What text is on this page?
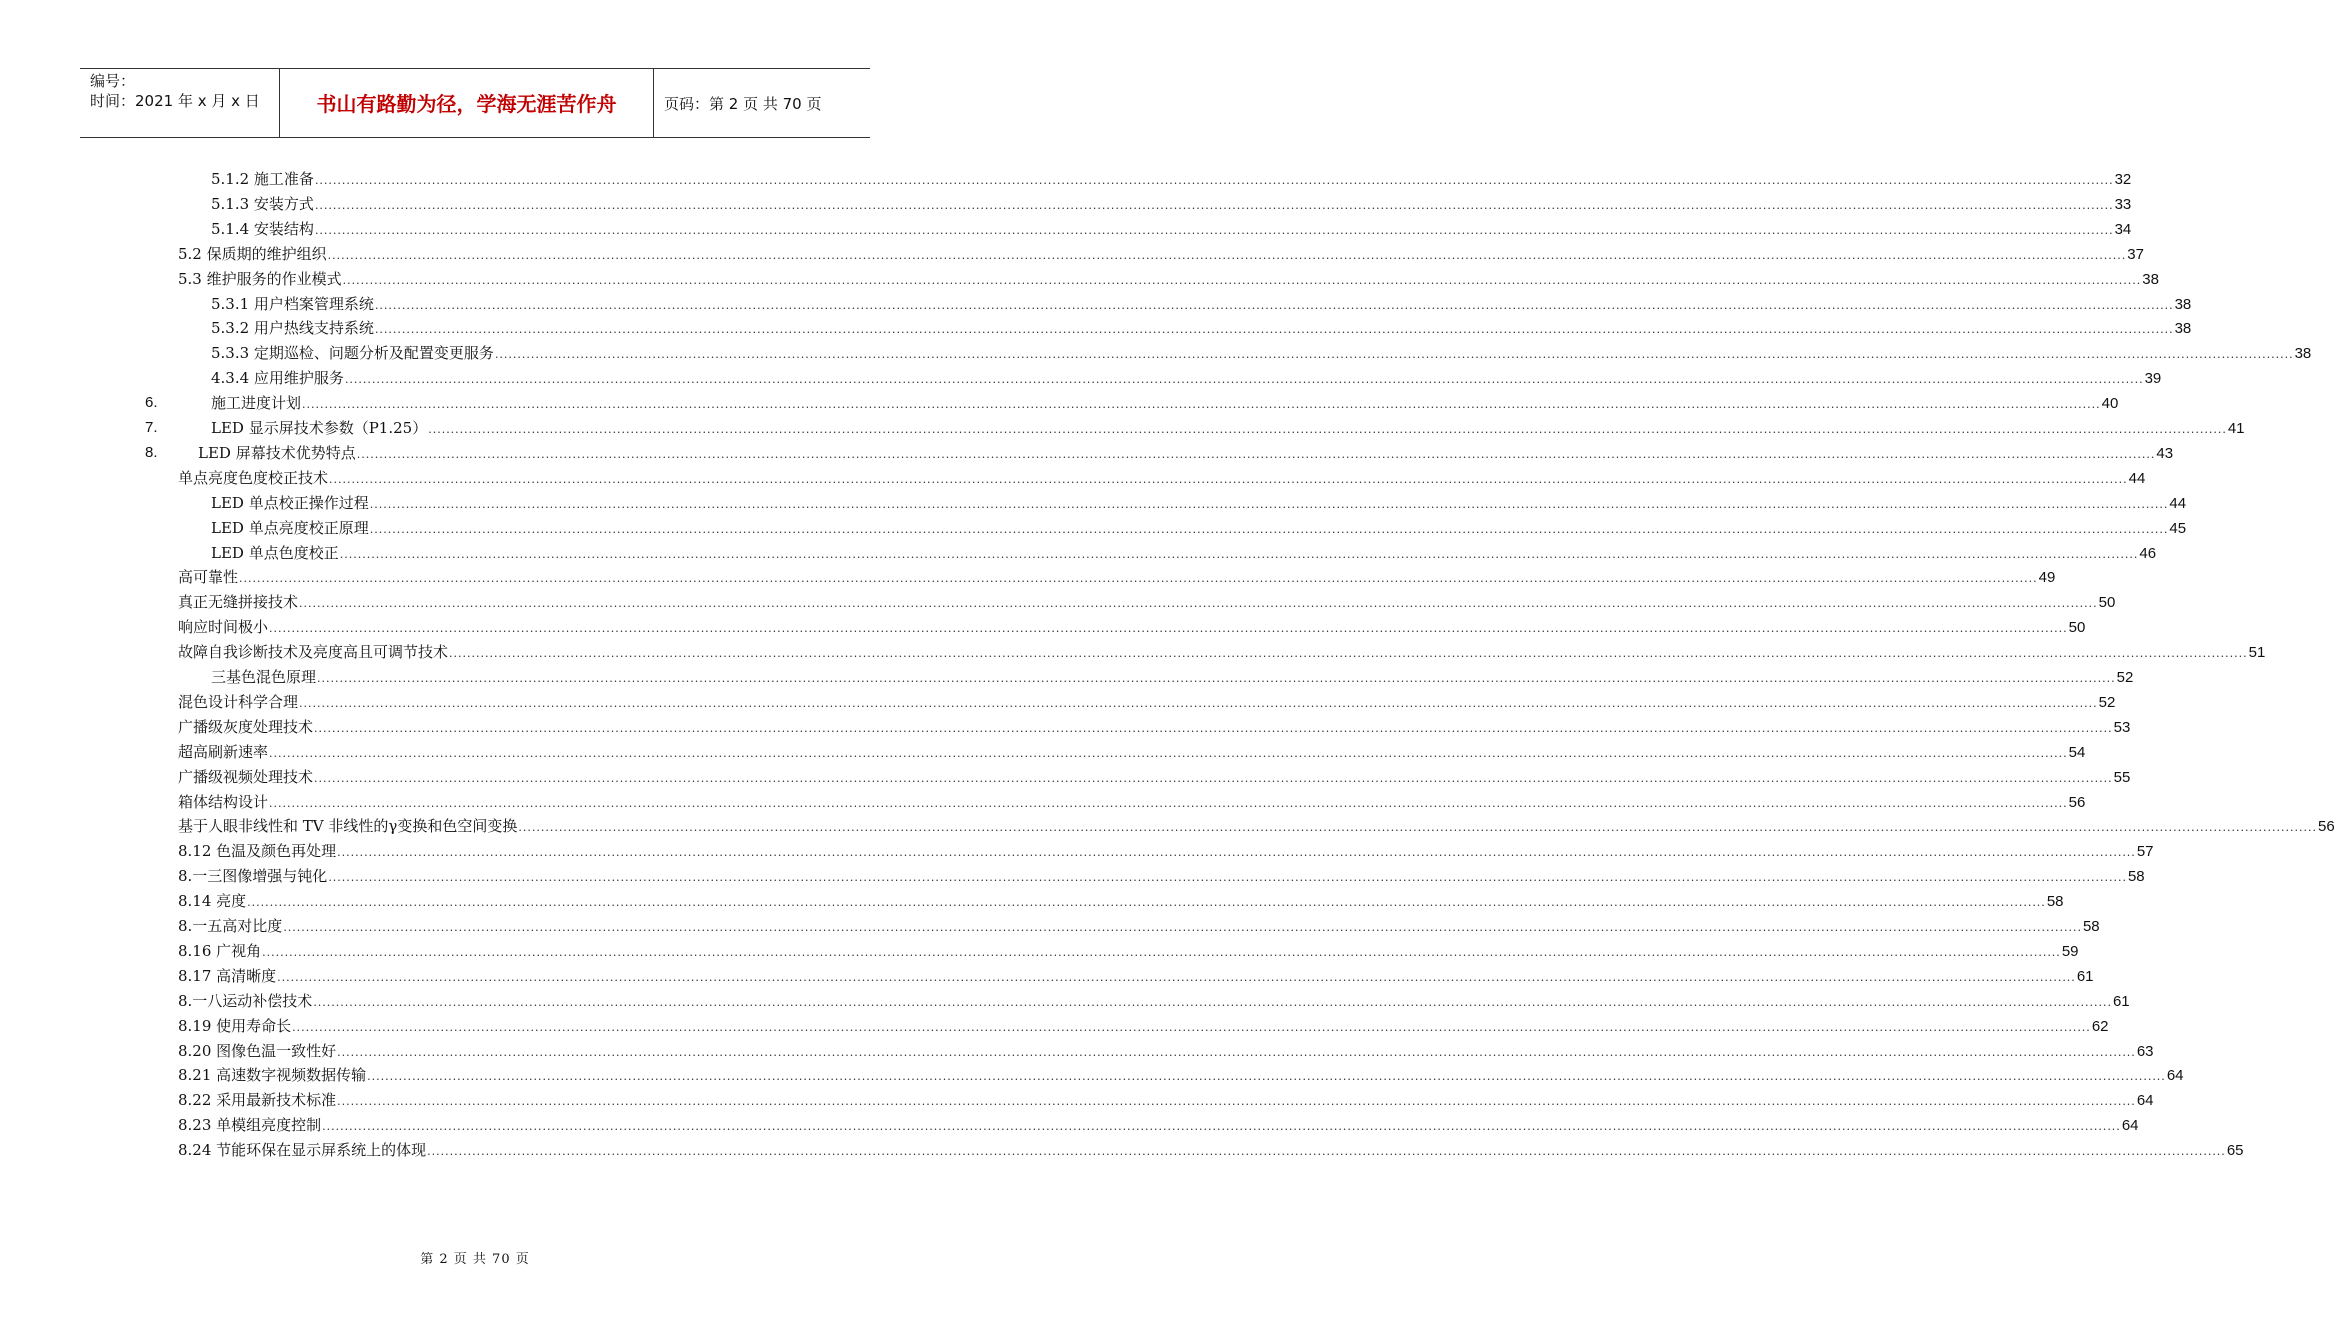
编号：
时间：2021 年 x 月 x 日	书山有路勤为径，学海无涯苦作舟	页码：第 2 页 共 70 页
5.1.2 施工准备 ................................................................................................................................................................................................................................................................................................................................................................................................................ 32
5.1.3 安装方式 ................................................................................................................................................................................................................................................................................................................................................................................................................ 33
5.1.4 安装结构 ................................................................................................................................................................................................................................................................................................................................................................................................................ 34
5.2 保质期的维护组织 ................................................................................................................................................................................................................................................................................................................................................................................................................ 37
5.3 维护服务的作业模式 ................................................................................................................................................................................................................................................................................................................................................................................................................ 38
5.3.1 用户档案管理系统 ................................................................................................................................................................................................................................................................................................................................................................................................................ 38
5.3.2 用户热线支持系统 ................................................................................................................................................................................................................................................................................................................................................................................................................ 38
5.3.3 定期巡检、问题分析及配置变更服务 ................................................................................................................................................................................................................................................................................................................................................................................................................ 38
4.3.4 应用维护服务 ................................................................................................................................................................................................................................................................................................................................................................................................................ 39
6.	施工进度计划 ................................................................................................................................................................................................................................................................................................................................................................................................................ 40
7.	LED 显示屏技术参数（P1.25） ................................................................................................................................................................................................................................................................................................................................................................................................................ 41
8.	LED 屏幕技术优势特点 ................................................................................................................................................................................................................................................................................................................................................................................................................ 43
单点亮度色度校正技术 ................................................................................................................................................................................................................................................................................................................................................................................................................ 44
LED 单点校正操作过程 ................................................................................................................................................................................................................................................................................................................................................................................................................ 44
LED 单点亮度校正原理 ................................................................................................................................................................................................................................................................................................................................................................................................................ 45
LED 单点色度校正 ................................................................................................................................................................................................................................................................................................................................................................................................................ 46
高可靠性 ................................................................................................................................................................................................................................................................................................................................................................................................................ 49
真正无缝拼接技术 ................................................................................................................................................................................................................................................................................................................................................................................................................ 50
响应时间极小 ................................................................................................................................................................................................................................................................................................................................................................................................................ 50
故障自我诊断技术及亮度高且可调节技术 ................................................................................................................................................................................................................................................................................................................................................................................................................ 51
三基色混色原理 ................................................................................................................................................................................................................................................................................................................................................................................................................ 52
混色设计科学合理 ................................................................................................................................................................................................................................................................................................................................................................................................................ 52
广播级灰度处理技术 ................................................................................................................................................................................................................................................................................................................................................................................................................ 53
超高刷新速率 ................................................................................................................................................................................................................................................................................................................................................................................................................ 54
广播级视频处理技术 ................................................................................................................................................................................................................................................................................................................................................................................................................ 55
箱体结构设计 ................................................................................................................................................................................................................................................................................................................................................................................................................ 56
基于人眼非线性和 TV 非线性的γ变换和色空间变换 ................................................................................................................................................................................................................................................................................................................................................................................................................ 56
8.12 色温及颜色再处理 ................................................................................................................................................................................................................................................................................................................................................................................................................ 57
8.一三图像增强与钝化 ................................................................................................................................................................................................................................................................................................................................................................................................................ 58
8.14 亮度 ................................................................................................................................................................................................................................................................................................................................................................................................................ 58
8.一五高对比度 ................................................................................................................................................................................................................................................................................................................................................................................................................ 58
8.16 广视角 ................................................................................................................................................................................................................................................................................................................................................................................................................ 59
8.17 高清晰度 ................................................................................................................................................................................................................................................................................................................................................................................................................ 61
8.一八运动补偿技术 ................................................................................................................................................................................................................................................................................................................................................................................................................ 61
8.19 使用寿命长 ................................................................................................................................................................................................................................................................................................................................................................................................................ 62
8.20 图像色温一致性好 ................................................................................................................................................................................................................................................................................................................................................................................................................ 63
8.21 高速数字视频数据传输 ................................................................................................................................................................................................................................................................................................................................................................................................................ 64
8.22 采用最新技术标准 ................................................................................................................................................................................................................................................................................................................................................................................................................ 64
8.23 单模组亮度控制 ................................................................................................................................................................................................................................................................................................................................................................................................................ 64
8.24 节能环保在显示屏系统上的体现 ................................................................................................................................................................................................................................................................................................................................................................................................................ 65
第 2 页 共 70 页
